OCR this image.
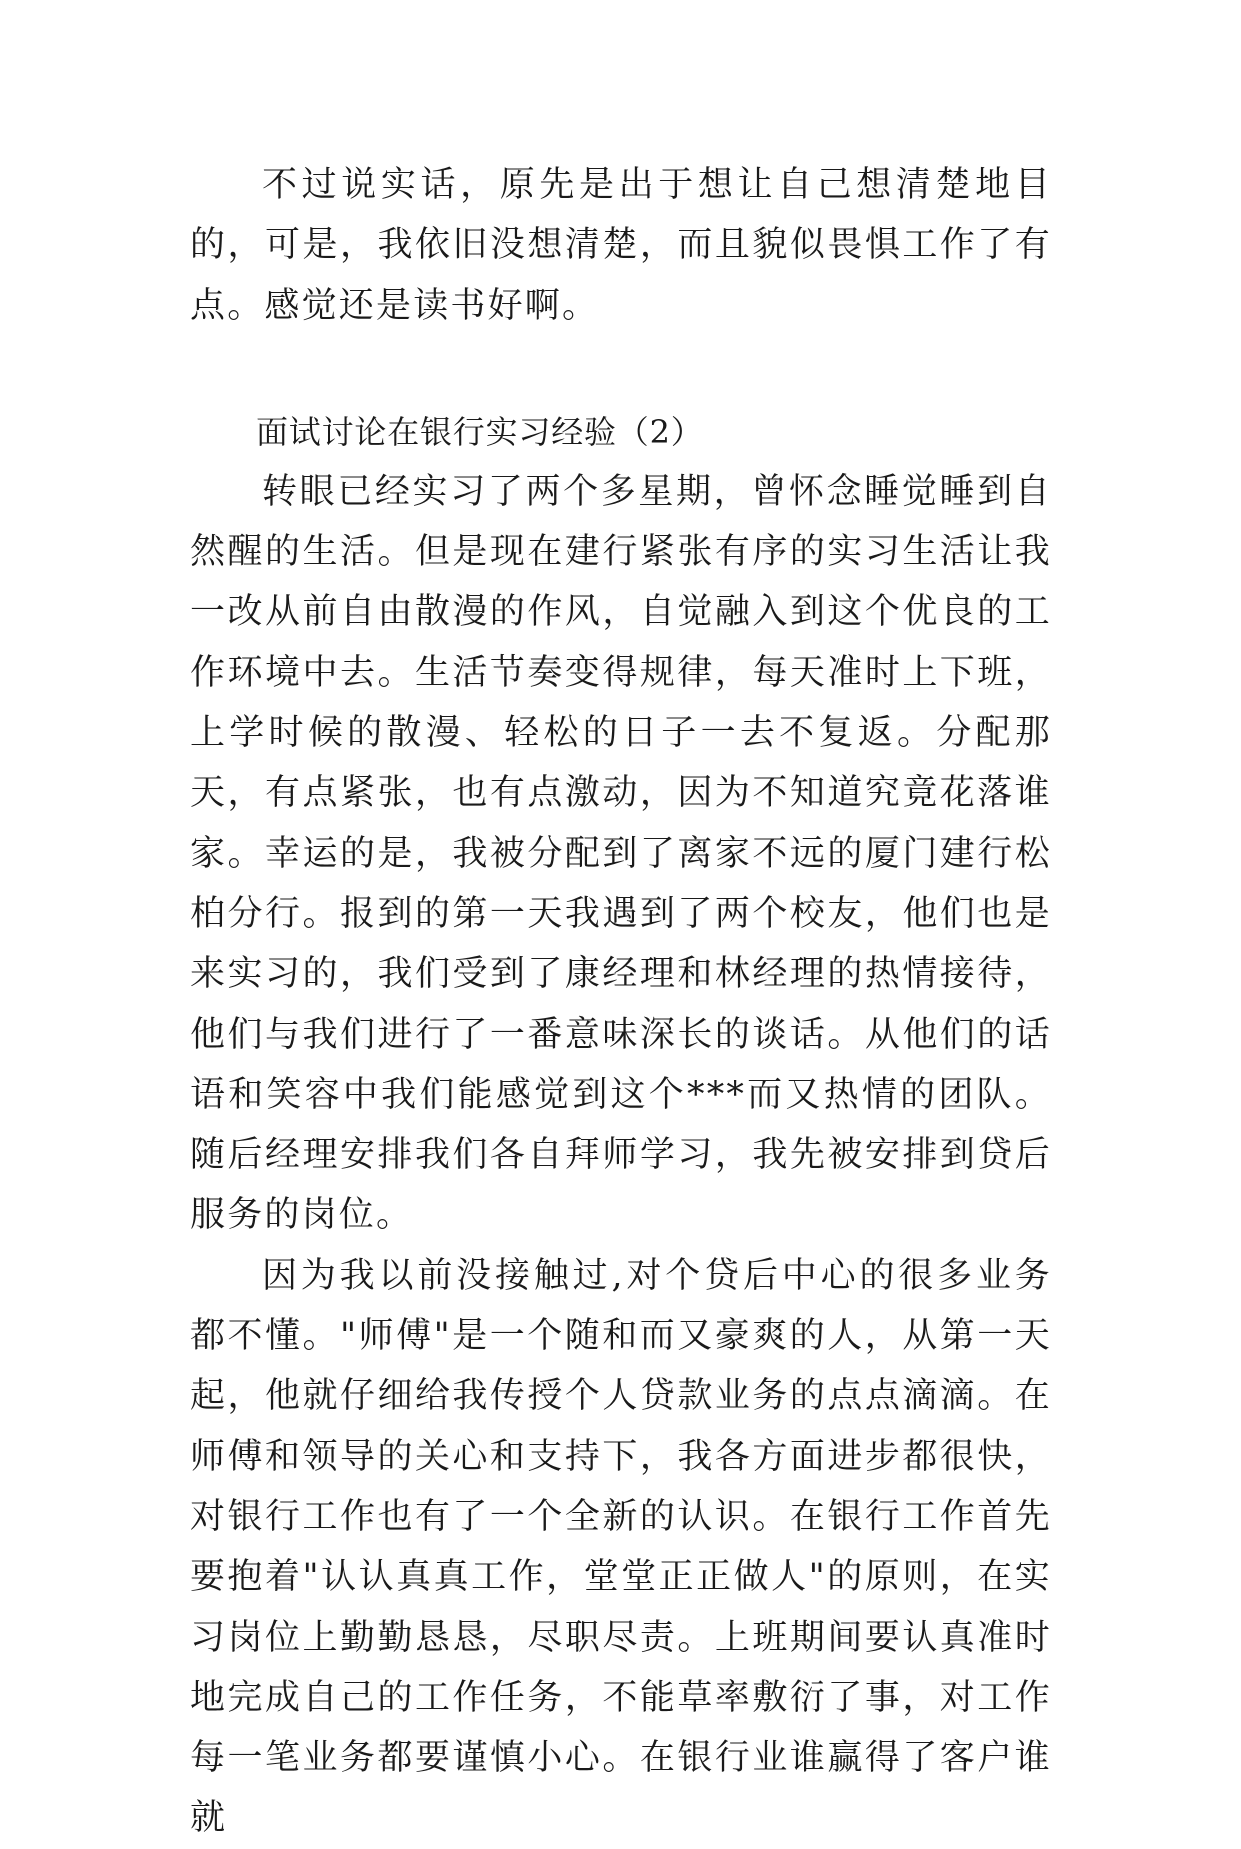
不过说实话，原先是出于想让自己想清楚地目的，可是，我依旧没想清楚，而且貌似畏惧工作了有点。感觉还是读书好啊。

面试讨论在银行实习经验（2）

转眼已经实习了两个多星期，曾怀念睡觉睡到自然醒的生活。但是现在建行紧张有序的实习生活让我一改从前自由散漫的作风，自觉融入到这个优良的工作环境中去。生活节奏变得规律，每天准时上下班，上学时候的散漫、轻松的日子一去不复返。分配那天，有点紧张，也有点激动，因为不知道究竟花落谁家。幸运的是，我被分配到了离家不远的厦门建行松柏分行。报到的第一天我遇到了两个校友，他们也是来实习的，我们受到了康经理和林经理的热情接待，他们与我们进行了一番意味深长的谈话。从他们的话语和笑容中我们能感觉到这个***而又热情的团队。随后经理安排我们各自拜师学习，我先被安排到贷后服务的岗位。

因为我以前没接触过,对个贷后中心的很多业务都不懂。"师傅"是一个随和而又豪爽的人，从第一天起，他就仔细给我传授个人贷款业务的点点滴滴。在师傅和领导的关心和支持下，我各方面进步都很快，对银行工作也有了一个全新的认识。在银行工作首先要抱着"认认真真工作，堂堂正正做人"的原则，在实习岗位上勤勤恳恳，尽职尽责。上班期间要认真准时地完成自己的工作任务，不能草率敷衍了事，对工作每一笔业务都要谨慎小心。在银行业谁赢得了客户谁就
